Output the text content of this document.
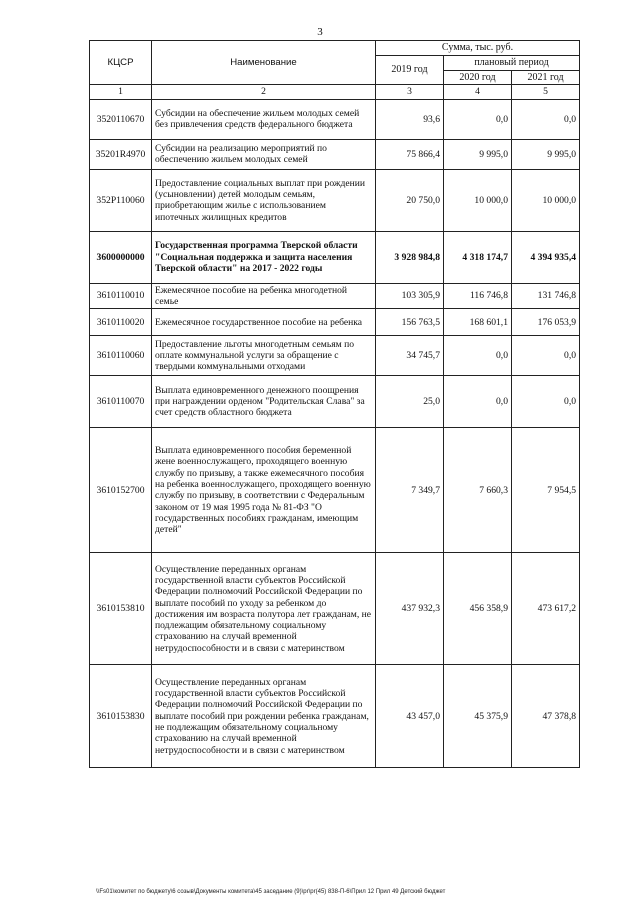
3
КЦСР	Наименование	Сумма, тыс. руб.		
		2019 год	плановый период	
			2020 год	2021 год
1	2	3	4	5
3520110670	Субсидии на обеспечение жильем молодых семей без привлечения средств федерального бюджета	93,6	0,0	0,0
35201R4970	Субсидии на реализацию мероприятий по обеспечению жильем молодых семей	75 866,4	9 995,0	9 995,0
352P110060	Предоставление социальных выплат при рождении (усыновлении) детей молодым семьям, приобретающим жилье с использованием ипотечных жилищных кредитов	20 750,0	10 000,0	10 000,0
3600000000	Государственная программа Тверской области "Социальная поддержка и защита населения Тверской области" на 2017 - 2022 годы	3 928 984,8	4 318 174,7	4 394 935,4
3610110010	Ежемесячное пособие на ребенка многодетной семье	103 305,9	116 746,8	131 746,8
3610110020	Ежемесячное государственное пособие на ребенка	156 763,5	168 601,1	176 053,9
3610110060	Предоставление льготы многодетным семьям по оплате коммунальной услуги за обращение с твердыми коммунальными отходами	34 745,7	0,0	0,0
3610110070	Выплата единовременного денежного поощрения при награждении орденом "Родительская Слава" за счет средств областного бюджета	25,0	0,0	0,0
3610152700	Выплата единовременного пособия беременной жене военнослужащего, проходящего военную службу по призыву, а также ежемесячного пособия на ребенка военнослужащего, проходящего военную службу по призыву, в соответствии с Федеральным законом от 19 мая 1995 года № 81-ФЗ "О государственных пособиях гражданам, имеющим детей"	7 349,7	7 660,3	7 954,5
3610153810	Осуществление переданных органам государственной власти субъектов Российской Федерации полномочий Российской Федерации по выплате пособий по уходу за ребенком до достижения им возраста полутора лет гражданам, не подлежащим обязательному социальному страхованию на случай временной нетрудоспособности и в связи с материнством	437 932,3	456 358,9	473 617,2
3610153830	Осуществление переданных органам государственной власти субъектов Российской Федерации полномочий Российской Федерации по выплате пособий при рождении ребенка гражданам, не подлежащим обязательному социальному страхованию на случай временной нетрудоспособности и в связи с материнством	43 457,0	45 375,9	47 378,8
\\Fs01\комитет по бюджету\6 созыв\Документы комитета\45 заседание (9)\pr\pr(45) 838-П-6\Прил 12 Прил 49 Детский бюджет
